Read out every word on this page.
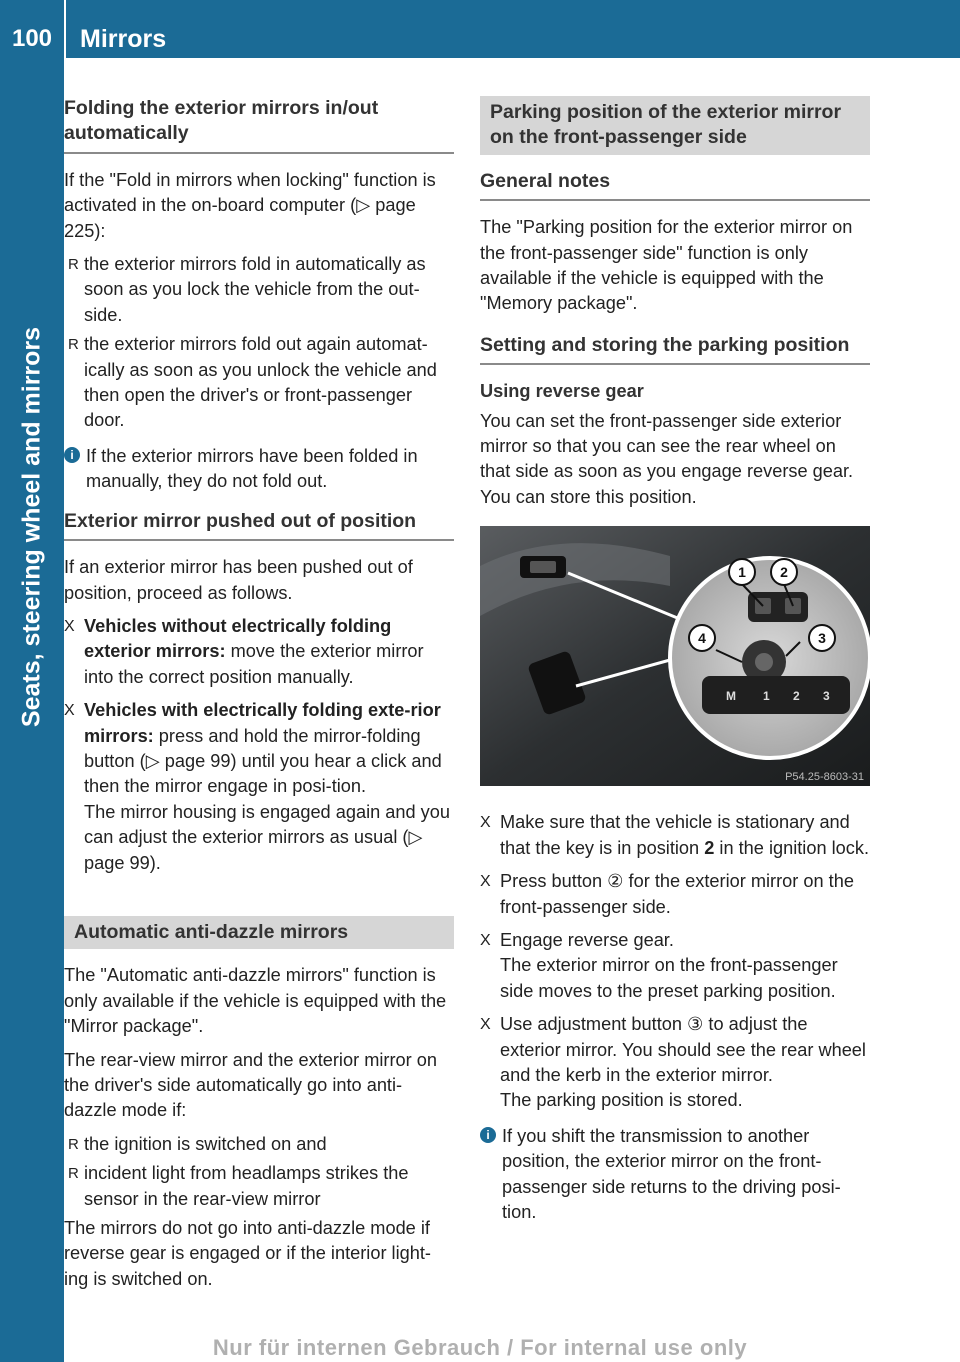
100	Mirrors
Seats, steering wheel and mirrors
Folding the exterior mirrors in/out automatically

If the "Fold in mirrors when locking" function is activated in the on-board computer (▷ page 225):

R the exterior mirrors fold in automatically as soon as you lock the vehicle from the out-side.
R the exterior mirrors fold out again automat-ically as soon as you unlock the vehicle and then open the driver's or front-passenger door.
i If the exterior mirrors have been folded in manually, they do not fold out.
Exterior mirror pushed out of position

If an exterior mirror has been pushed out of position, proceed as follows.

X Vehicles without electrically folding exterior mirrors: move the exterior mirror into the correct position manually.
X Vehicles with electrically folding exte-rior mirrors: press and hold the mirror-folding button (▷ page 99) until you hear a click and then the mirror engage in posi-tion.
The mirror housing is engaged again and you can adjust the exterior mirrors as usual (▷ page 99).
Automatic anti-dazzle mirrors

The "Automatic anti-dazzle mirrors" function is only available if the vehicle is equipped with the "Mirror package".

The rear-view mirror and the exterior mirror on the driver's side automatically go into anti-dazzle mode if:

R the ignition is switched on and
R incident light from headlamps strikes the sensor in the rear-view mirror

The mirrors do not go into anti-dazzle mode if reverse gear is engaged or if the interior light-ing is switched on.

Parking position of the exterior mirror on the front-passenger side
General notes

The "Parking position for the exterior mirror on the front-passenger side" function is only available if the vehicle is equipped with the "Memory package".

Setting and storing the parking position
Using reverse gear

You can set the front-passenger side exterior mirror so that you can see the rear wheel on that side as soon as you engage reverse gear. You can store this position.

M 1 2 3
1 2
3
4
P54.25-8603-31
X Make sure that the vehicle is stationary and that the key is in position 2 in the ignition lock.
X Press button ② for the exterior mirror on the front-passenger side.
X Engage reverse gear.
The exterior mirror on the front-passenger side moves to the preset parking position.
X Use adjustment button ③ to adjust the exterior mirror. You should see the rear wheel and the kerb in the exterior mirror.
The parking position is stored.
i If you shift the transmission to another position, the exterior mirror on the front-passenger side returns to the driving posi-tion.
Nur für internen Gebrauch / For internal use only
